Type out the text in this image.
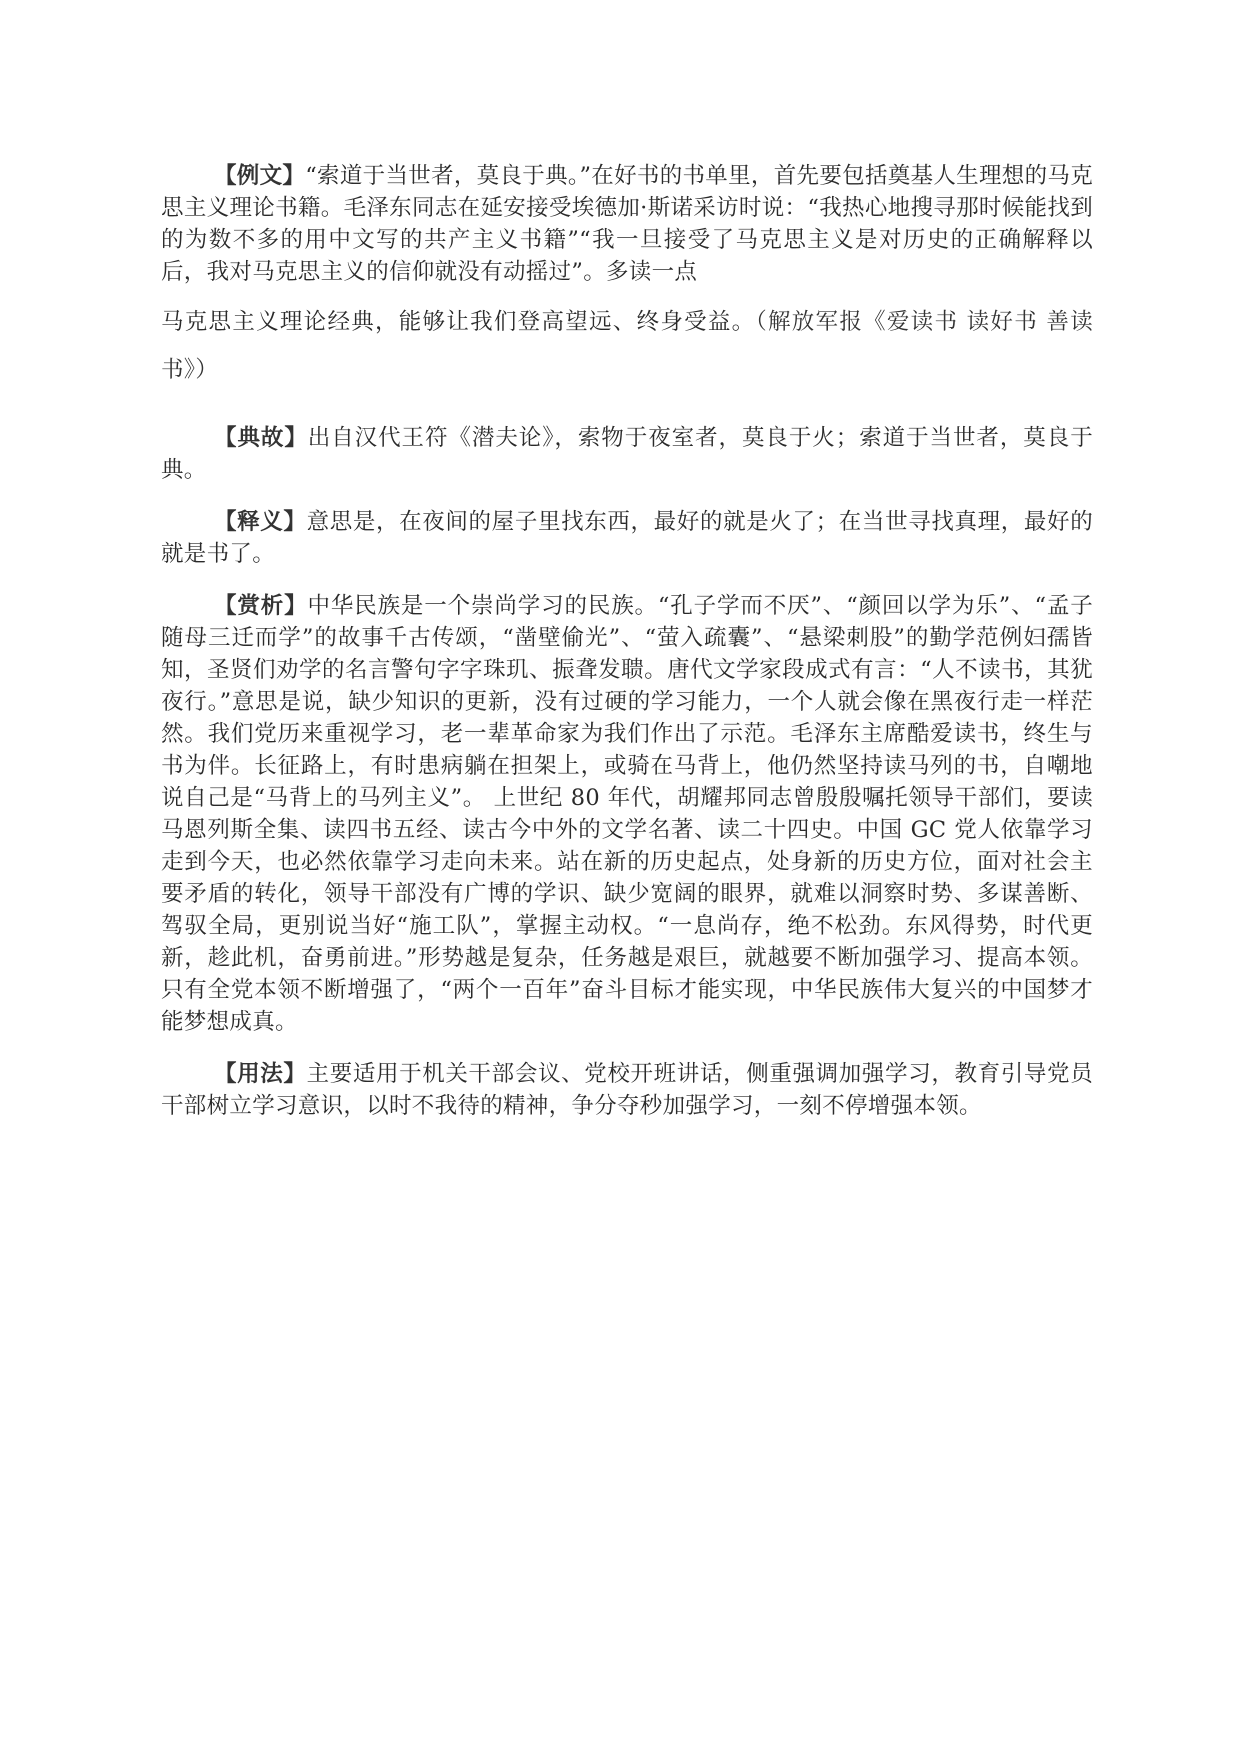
【例文】“索道于当世者，莫良于典。”在好书的书单里，首先要包括奠基人生理想的马克思主义理论书籍。毛泽东同志在延安接受埃德加·斯诺采访时说：“我热心地搜寻那时候能找到的为数不多的用中文写的共产主义书籍”“我一旦接受了马克思主义是对历史的正确解释以后，我对马克思主义的信仰就没有动摇过”。多读一点
马克思主义理论经典，能够让我们登高望远、终身受益。（解放军报《爱读书 读好书 善读书》）

【典故】出自汉代王符《潜夫论》，索物于夜室者，莫良于火；索道于当世者，莫良于典。

【释义】意思是，在夜间的屋子里找东西，最好的就是火了；在当世寻找真理，最好的就是书了。

【赏析】中华民族是一个崇尚学习的民族。“孔子学而不厌”、“颜回以学为乐”、“孟子随母三迁而学”的故事千古传颂，“凿壁偷光”、“萤入疏囊”、“悬梁刺股”的勤学范例妇孺皆知，圣贤们劝学的名言警句字字珠玑、振聋发聩。唐代文学家段成式有言：“人不读书，其犹夜行。”意思是说，缺少知识的更新，没有过硬的学习能力，一个人就会像在黑夜行走一样茫然。我们党历来重视学习，老一辈革命家为我们作出了示范。毛泽东主席酷爱读书，终生与书为伴。长征路上，有时患病躺在担架上，或骑在马背上，他仍然坚持读马列的书，自嘲地说自己是“马背上的马列主义”。 上世纪 80 年代，胡耀邦同志曾殷殷嘱托领导干部们，要读马恩列斯全集、读四书五经、读古今中外的文学名著、读二十四史。中国 GC 党人依靠学习走到今天，也必然依靠学习走向未来。站在新的历史起点，处身新的历史方位，面对社会主要矛盾的转化，领导干部没有广博的学识、缺少宽阔的眼界，就难以洞察时势、多谋善断、驾驭全局，更别说当好“施工队”，掌握主动权。“一息尚存，绝不松劲。东风得势，时代更新，趁此机，奋勇前进。”形势越是复杂，任务越是艰巨，就越要不断加强学习、提高本领。只有全党本领不断增强了，“两个一百年”奋斗目标才能实现，中华民族伟大复兴的中国梦才能梦想成真。

【用法】主要适用于机关干部会议、党校开班讲话，侧重强调加强学习，教育引导党员干部树立学习意识，以时不我待的精神，争分夺秒加强学习，一刻不停增强本领。
